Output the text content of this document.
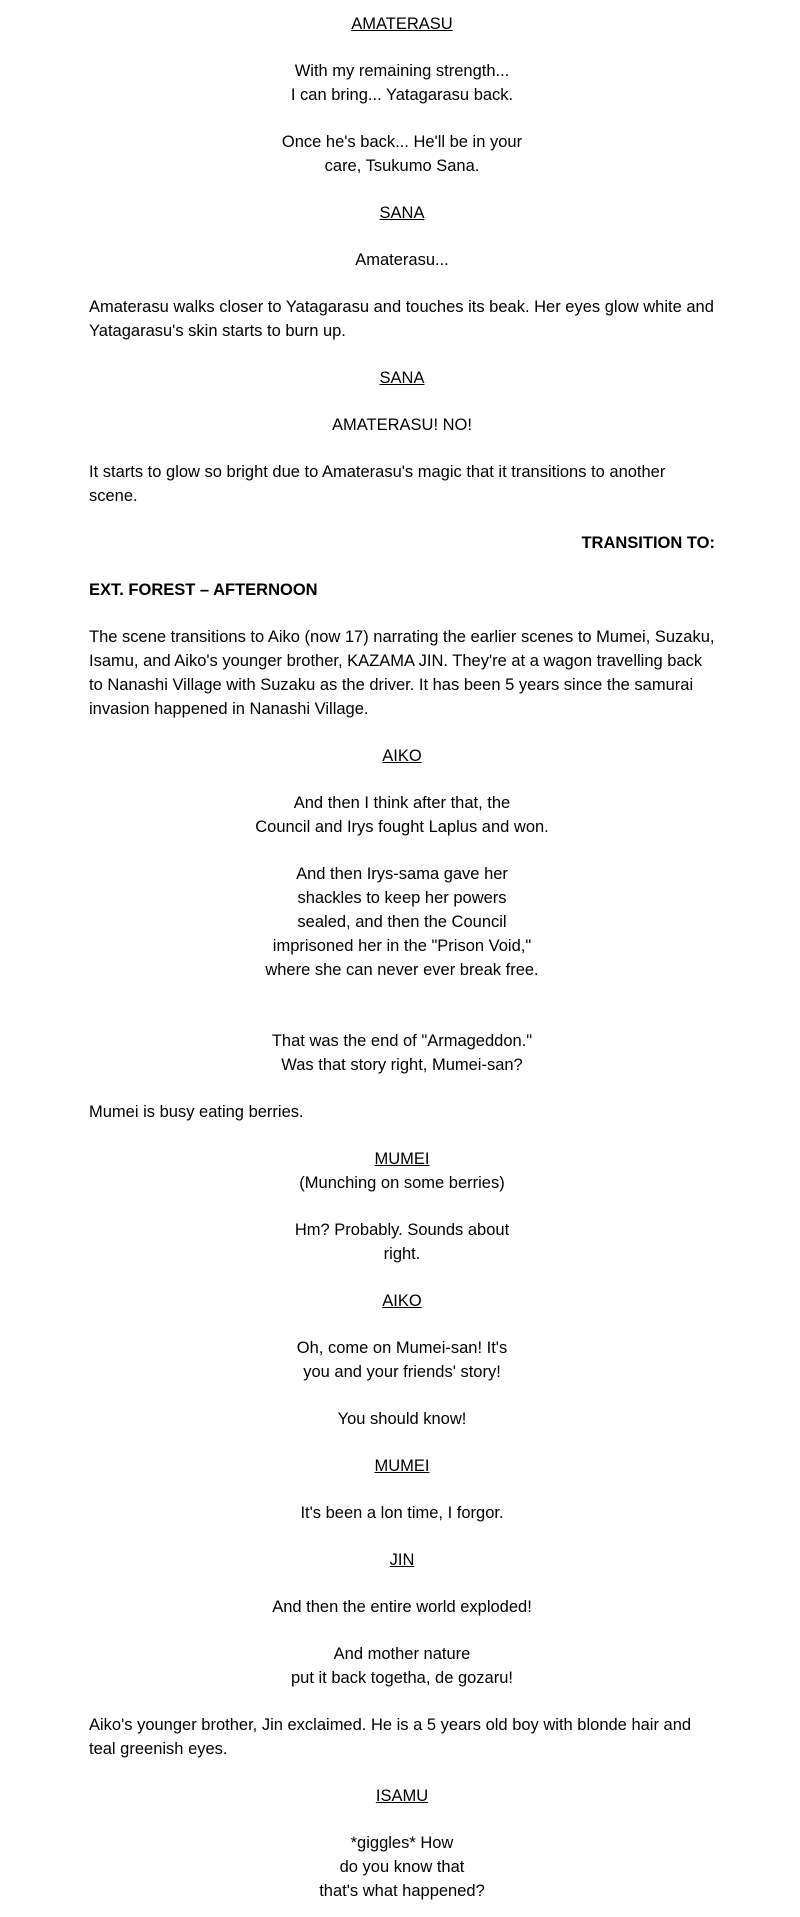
AMATERASU
With my remaining strength...
I can bring... Yatagarasu back.
Once he's back... He'll be in your
care, Tsukumo Sana.
SANA
Amaterasu...
Amaterasu walks closer to Yatagarasu and touches its beak. Her eyes glow white and
Yatagarasu's skin starts to burn up.
SANA
AMATERASU! NO!
It starts to glow so bright due to Amaterasu's magic that it transitions to another
scene.
TRANSITION TO:
EXT. FOREST – AFTERNOON
The scene transitions to Aiko (now 17) narrating the earlier scenes to Mumei, Suzaku,
Isamu, and Aiko's younger brother, KAZAMA JIN. They're at a wagon travelling back
to Nanashi Village with Suzaku as the driver. It has been 5 years since the samurai
invasion happened in Nanashi Village.
AIKO
And then I think after that, the
Council and Irys fought Laplus and won.
And then Irys-sama gave her
shackles to keep her powers
sealed, and then the Council
imprisoned her in the "Prison Void,"
where she can never ever break free.
That was the end of "Armageddon."
Was that story right, Mumei-san?
Mumei is busy eating berries.
MUMEI
(Munching on some berries)
Hm? Probably. Sounds about
right.
AIKO
Oh, come on Mumei-san! It's
you and your friends' story!
You should know!
MUMEI
It's been a lon time, I forgor.
JIN
And then the entire world exploded!
And mother nature
put it back togetha, de gozaru!
Aiko's younger brother, Jin exclaimed. He is a 5 years old boy with blonde hair and
teal greenish eyes.
ISAMU
*giggles* How
do you know that
that's what happened?
